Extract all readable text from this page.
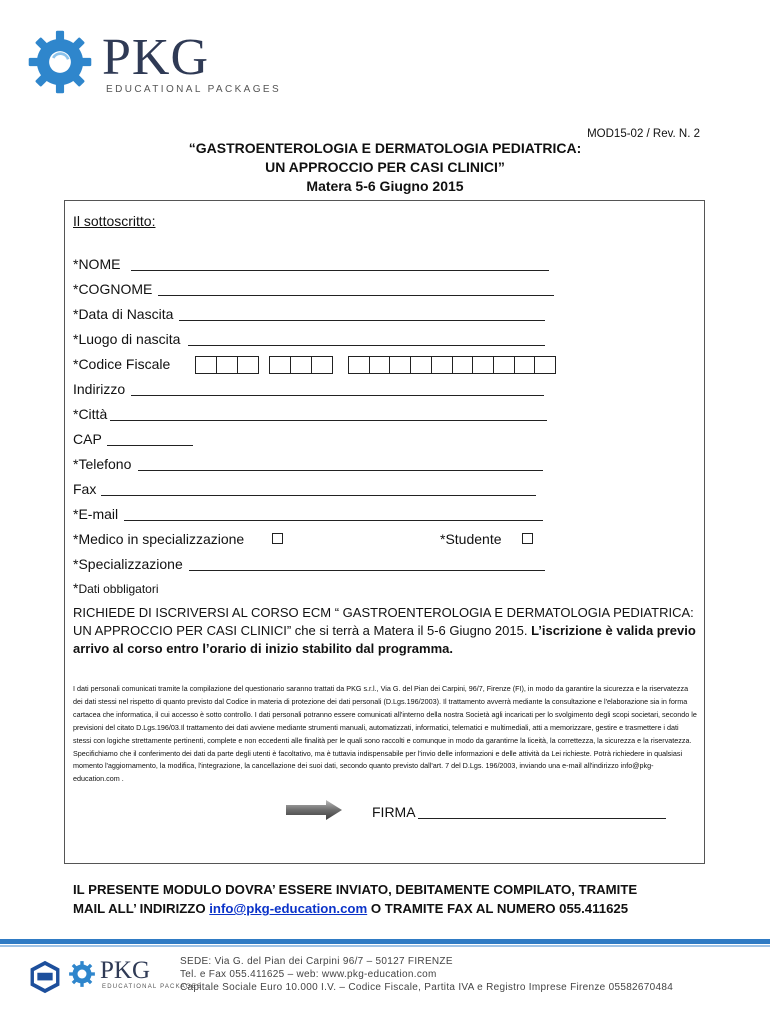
PKG
EDUCATIONAL PACKAGES
MOD15-02 / Rev. N. 2
“GASTROENTEROLOGIA E DERMATOLOGIA PEDIATRICA:
UN APPROCCIO PER CASI CLINICI”
Matera 5-6 Giugno 2015
Il sottoscritto:
*NOME
*COGNOME
*Data di Nascita
*Luogo di nascita
*Codice Fiscale
Indirizzo
*Città
CAP
*Telefono
Fax
*E-mail
*Medico in specializzazione	*Studente
*Specializzazione
*Dati obbligatori
RICHIEDE DI ISCRIVERSI AL CORSO ECM “ GASTROENTEROLOGIA E DERMATOLOGIA PEDIATRICA: UN APPROCCIO PER CASI CLINICI” che si terrà a Matera il 5-6 Giugno 2015. L’iscrizione è valida previo arrivo al corso entro l’orario di inizio stabilito dal programma.
I dati personali comunicati tramite la compilazione del questionario saranno trattati da PKG s.r.l., Via G. del Pian dei Carpini, 96/7, Firenze (FI), in modo da garantire la sicurezza e la riservatezza dei dati stessi nel rispetto di quanto previsto dal Codice in materia di protezione dei dati personali (D.Lgs.196/2003). Il trattamento avverrà mediante la consultazione e l'elaborazione sia in forma cartacea che informatica, il cui accesso è sotto controllo. I dati personali potranno essere comunicati all'interno della nostra Società agli incaricati per lo svolgimento degli scopi societari, secondo le previsioni del citato D.Lgs.196/03.Il trattamento dei dati avviene mediante strumenti manuali, automatizzati, informatici, telematici e multimediali, atti a memorizzare, gestire e trasmettere i dati stessi con logiche strettamente pertinenti, complete e non eccedenti alle finalità per le quali sono raccolti e comunque in modo da garantirne la liceità, la correttezza, la sicurezza e la riservatezza. Specifichiamo che il conferimento dei dati da parte degli utenti è facoltativo, ma è tuttavia indispensabile per l'invio delle informazioni e delle attività da Lei richieste. Potrà richiedere in qualsiasi momento l'aggiornamento, la modifica, l'integrazione, la cancellazione dei suoi dati, secondo quanto previsto dall'art. 7 del D.Lgs. 196/2003, inviando una e-mail all'indirizzo info@pkg-education.com .
FIRMA
IL PRESENTE MODULO DOVRA’ ESSERE INVIATO, DEBITAMENTE COMPILATO, TRAMITE
MAIL ALL’ INDIRIZZO info@pkg-education.com O TRAMITE FAX AL NUMERO 055.411625
PKG
EDUCATIONAL PACKAGES
SEDE: Via G. del Pian dei Carpini 96/7 – 50127 FIRENZE
Tel. e Fax 055.411625 – web: www.pkg-education.com
Capitale Sociale Euro 10.000 I.V. – Codice Fiscale, Partita IVA e Registro Imprese Firenze 05582670484
